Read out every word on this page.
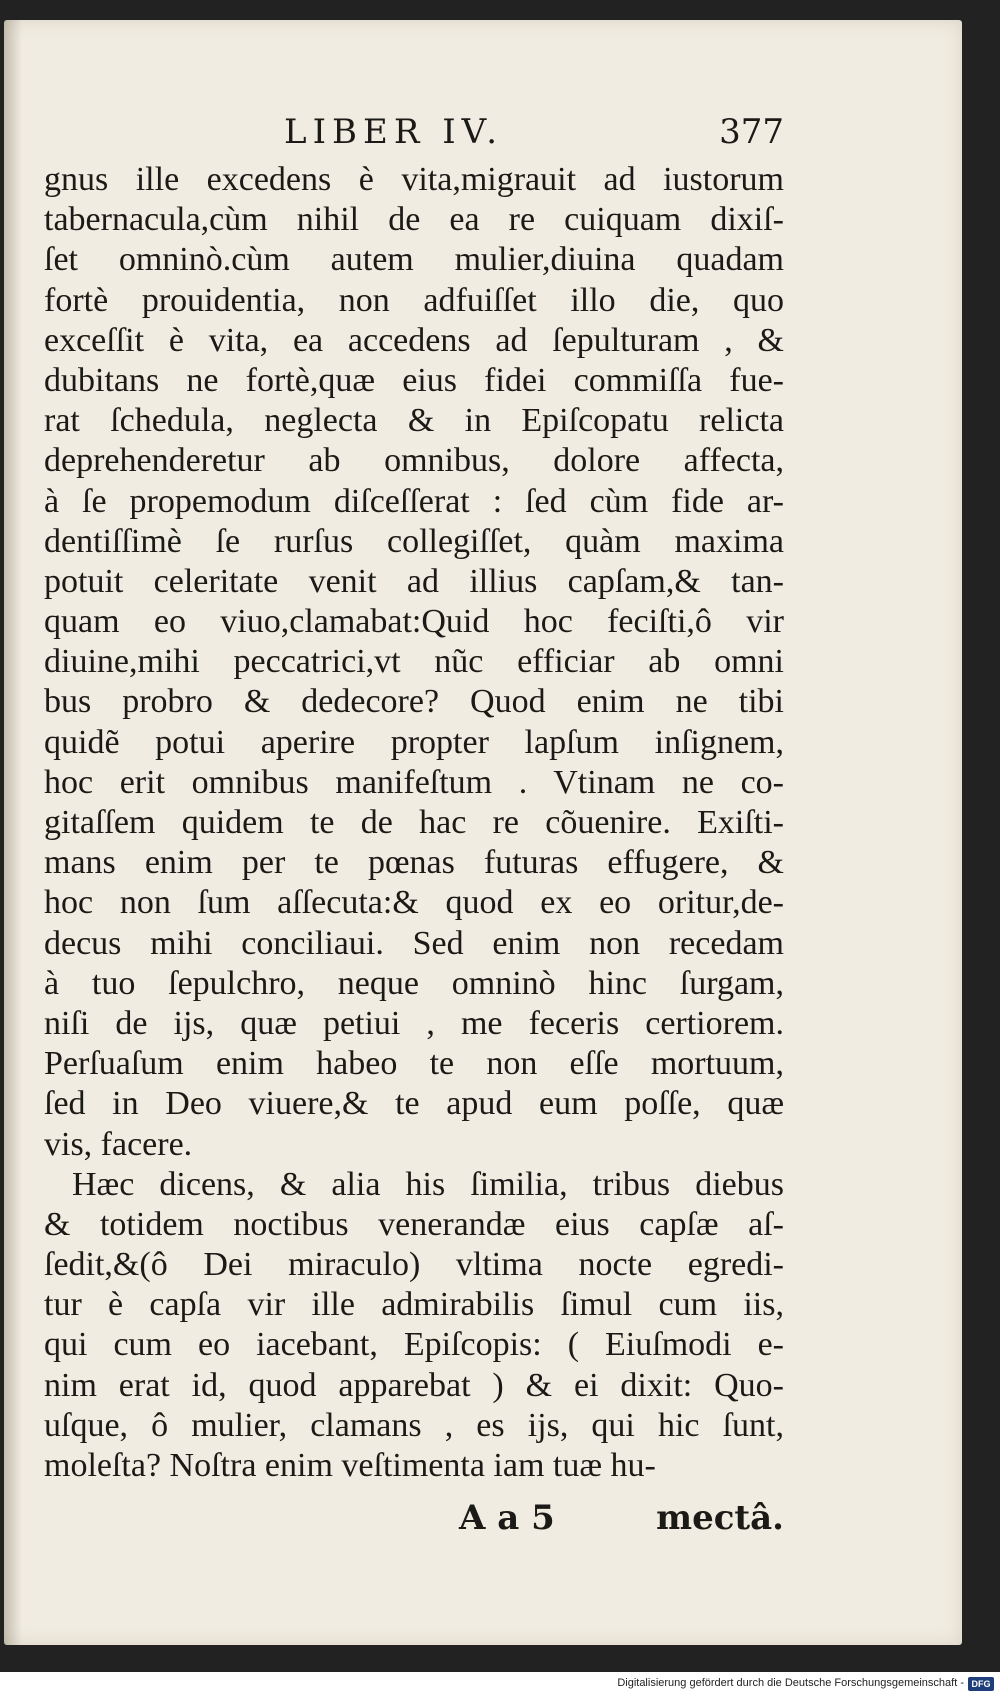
LIBER IV.	377
gnus ille excedens è vita,migrauit ad iustorum
tabernacula,cùm nihil de ea re cuiquam dixiſ-
ſet omninò.cùm autem mulier,diuina quadam
fortè prouidentia, non adfuiſſet illo die, quo
exceſſit è vita, ea accedens ad ſepulturam , &
dubitans ne fortè,quæ eius fidei commiſſa fue-
rat ſchedula, neglecta & in Epiſcopatu relicta
deprehenderetur ab omnibus, dolore affecta,
à ſe propemodum diſceſſerat : ſed cùm fide ar-
dentiſſimè ſe rurſus collegiſſet, quàm maxima
potuit celeritate venit ad illius capſam,& tan-
quam eo viuo,clamabat:Quid hoc feciſti,ô vir
diuine,mihi peccatrici,vt nũc efficiar ab omni
bus probro & dedecore? Quod enim ne tibi
quidẽ potui aperire propter lapſum inſignem,
hoc erit omnibus manifeſtum . Vtinam ne co-
gitaſſem quidem te de hac re cõuenire. Exiſti-
mans enim per te pœnas futuras effugere, &
hoc non ſum aſſecuta:& quod ex eo oritur,de-
decus mihi conciliaui. Sed enim non recedam
à tuo ſepulchro, neque omninò hinc ſurgam,
niſi de ijs, quæ petiui , me feceris certiorem.
Perſuaſum enim habeo te non eſſe mortuum,
ſed in Deo viuere,& te apud eum poſſe, quæ
vis, facere.
Hæc dicens, & alia his ſimilia, tribus diebus
& totidem noctibus venerandæ eius capſæ aſ-
ſedit,&(ô Dei miraculo) vltima nocte egredi-
tur è capſa vir ille admirabilis ſimul cum iis,
qui cum eo iacebant, Epiſcopis: ( Eiuſmodi e-
nim erat id, quod apparebat ) & ei dixit: Quo-
uſque, ô mulier, clamans , es ijs, qui hic ſunt,
moleſta? Noſtra enim veſtimenta iam tuæ hu-
A a 5	mectâ.
Digitalisierung gefördert durch die Deutsche Forschungsgemeinschaft - DFG
